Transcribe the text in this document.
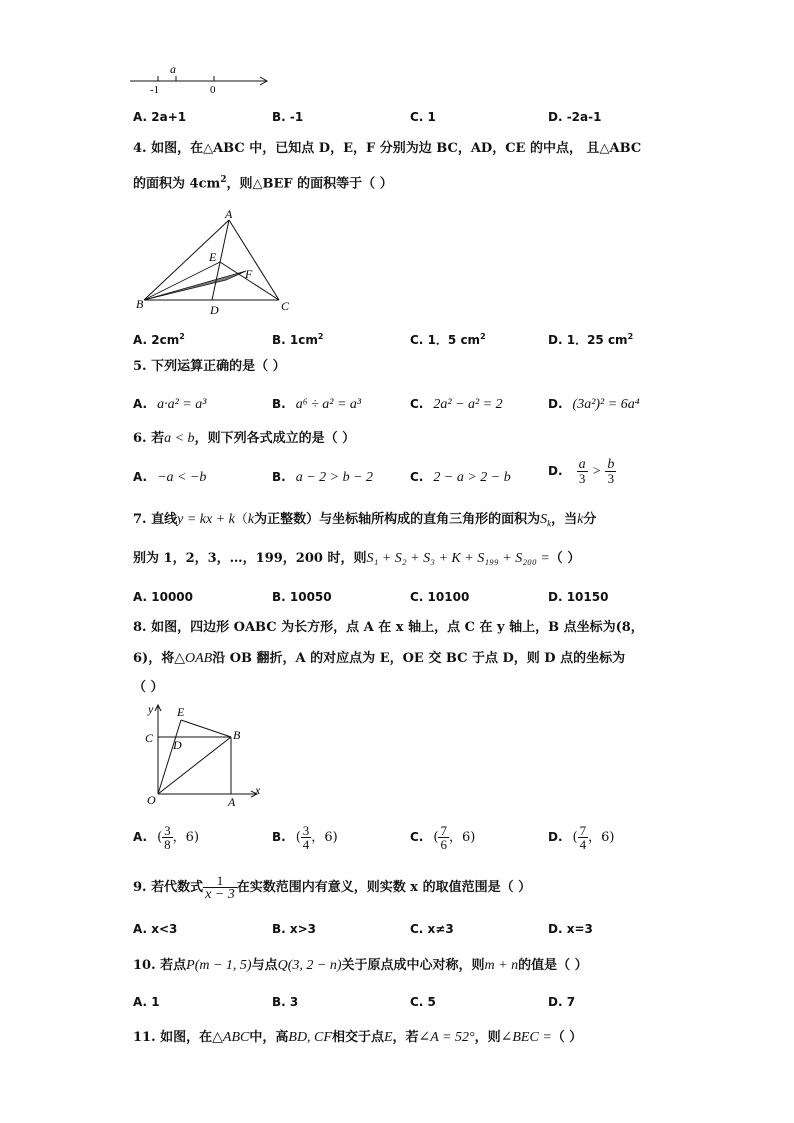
a
-1	0
A. 2a+1	B. -1	C. 1	D. -2a-1
4. 如图，在△ABC 中，已知点 D，E，F 分别为边 BC，AD，CE 的中点， 且△ABC
的面积为 $4cm^2$，则△BEF 的面积等于（ ）
A
B	C
D
E
F
A. $2cm^2$	B. $1cm^2$	C. 1．5 $cm^2$	D. 1．25 $cm^2$
5. 下列运算正确的是（ ）
A. a·a² = a³	B. a⁶ ÷ a² = a³	C. 2a² − a² = 2	D. (3a²)² = 6a⁴
6. 若a < b，则下列各式成立的是（ ）
A. −a < −b	B. a − 2 > b − 2	C. 2 − a > 2 − b	D. $\frac{a}{3} > \frac{b}{3}$
7. 直线y = kx + k（k为正整数）与坐标轴所构成的直角三角形的面积为$S_k$，当k分
别为 1，2，3，…，199，200 时，则S₁ + S₂ + S₃ + K + S₁₉₉ + S₂₀₀ =（ ）
A. 10000	B. 10050	C. 10100	D. 10150
8. 如图，四边形 OABC 为长方形，点 A 在 x 轴上，点 C 在 y 轴上，B 点坐标为(8，
6)，将△OAB沿 OB 翻折，A 的对应点为 E，OE 交 BC 于点 D，则 D 点的坐标为
（ ）
y E
C D
B
O	A
x
A. ( $\frac{3}{8}$ ，6)	B. ( $\frac{3}{4}$ ，6)	C. ( $\frac{7}{6}$ ，6)	D. ( $\frac{7}{4}$ ，6)
9. 若代数式 $\frac{1}{x - 3}$ 在实数范围内有意义，则实数 x 的取值范围是（ ）
A. x<3	B. x>3	C. x≠3	D. x=3
10. 若点P(m − 1, 5)与点Q(3, 2 − n)关于原点成中心对称，则m + n的值是（ ）
A. 1	B. 3	C. 5	D. 7
11. 如图，在△ABC中，高BD, CF相交于点E，若∠A = 52°，则∠BEC =（ ）
